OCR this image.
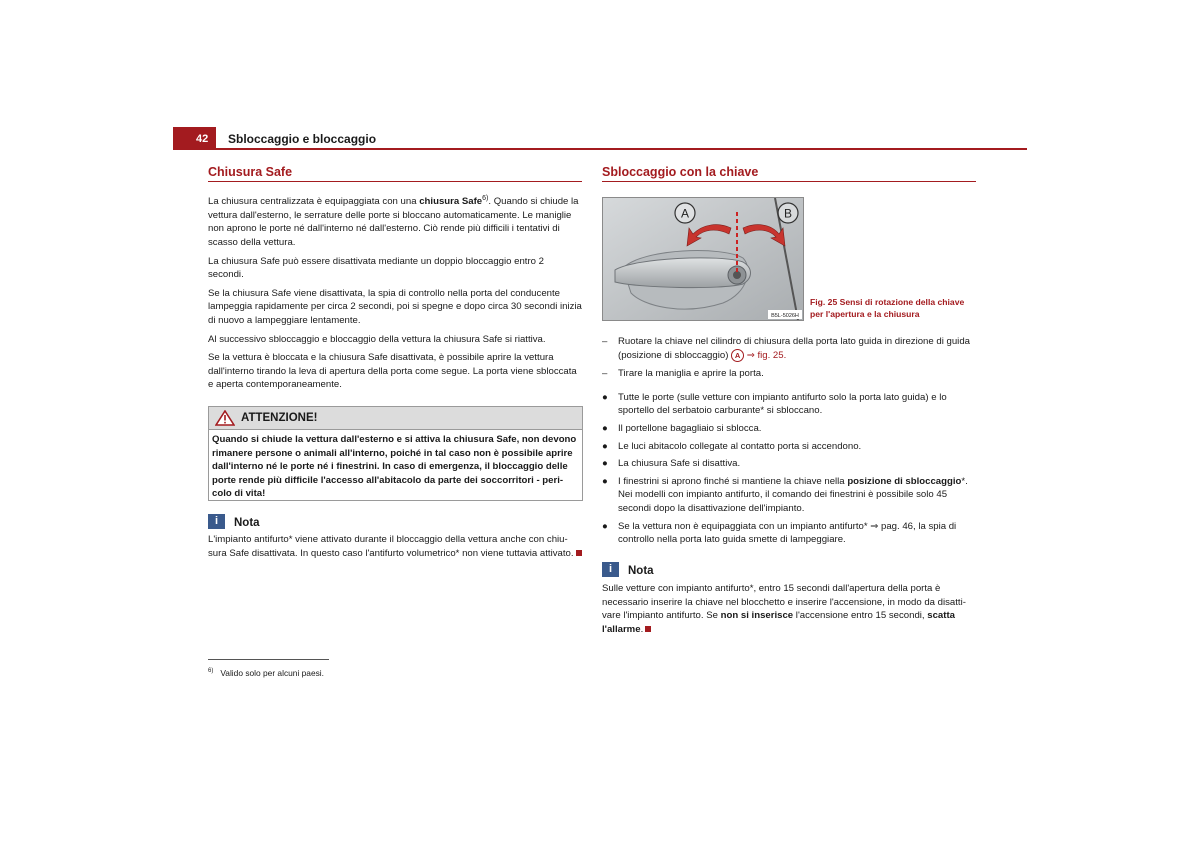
42 Sbloccaggio e bloccaggio
Chiusura Safe

La chiusura centralizzata è equipaggiata con una chiusura Safe$^{6)}$. Quando si chiude la vettura dall'esterno, le serrature delle porte si bloccano automaticamente. Le maniglie non aprono le porte né dall'interno né dall'esterno. Ciò rende più difficili i tentativi di scasso della vettura.

La chiusura Safe può essere disattivata mediante un doppio bloccaggio entro 2 secondi.

Se la chiusura Safe viene disattivata, la spia di controllo nella porta del conducente lampeggia rapidamente per circa 2 secondi, poi si spegne e dopo circa 30 secondi inizia di nuovo a lampeggiare lentamente.

Al successivo sbloccaggio e bloccaggio della vettura la chiusura Safe si riattiva.

Se la vettura è bloccata e la chiusura Safe disattivata, è possibile aprire la vettura dall'interno tirando la leva di apertura della porta come segue. La porta viene sbloccata e aperta contemporaneamente.

ATTENZIONE!
Quando si chiude la vettura dall'esterno e si attiva la chiusura Safe, non devono rimanere persone o animali all'interno, poiché in tal caso non è possibile aprire dall'interno né le porte né i finestrini. In caso di emergenza, il bloccaggio delle porte rende più difficile l'accesso all'abitacolo da parte dei soccorritori - peri-colo di vita!
i	Nota
L'impianto antifurto* viene attivato durante il bloccaggio della vettura anche con chiu-sura Safe disattivata. In questo caso l'antifurto volumetrico* non viene tuttavia attivato.
$^{6)}$ Valido solo per alcuni paesi.
Sbloccaggio con la chiave
A	B
B5L-5026H
Fig. 25 Sensi di rotazione della chiave
per l'apertura e la chiusura
– Ruotare la chiave nel cilindro di chiusura della porta lato guida in direzione di guida
(posizione di sbloccaggio) A ⇒ fig. 25.
– Tirare la maniglia e aprire la porta.
● Tutte le porte (sulle vetture con impianto antifurto solo la porta lato guida) e lo sportello del serbatoio carburante* si sbloccano.
● Il portellone bagagliaio si sblocca.
● Le luci abitacolo collegate al contatto porta si accendono.
● La chiusura Safe si disattiva.
● I finestrini si aprono finché si mantiene la chiave nella posizione di sbloccaggio*. Nei modelli con impianto antifurto, il comando dei finestrini è possibile solo 45 secondi dopo la disattivazione dell'impianto.
● Se la vettura non è equipaggiata con un impianto antifurto* ⇒ pag. 46, la spia di controllo nella porta lato guida smette di lampeggiare.
i	Nota
Sulle vetture con impianto antifurto*, entro 15 secondi dall'apertura della porta è necessario inserire la chiave nel blocchetto e inserire l'accensione, in modo da disatti-vare l'impianto antifurto. Se non si inserisce l'accensione entro 15 secondi, scatta l'allarme.
